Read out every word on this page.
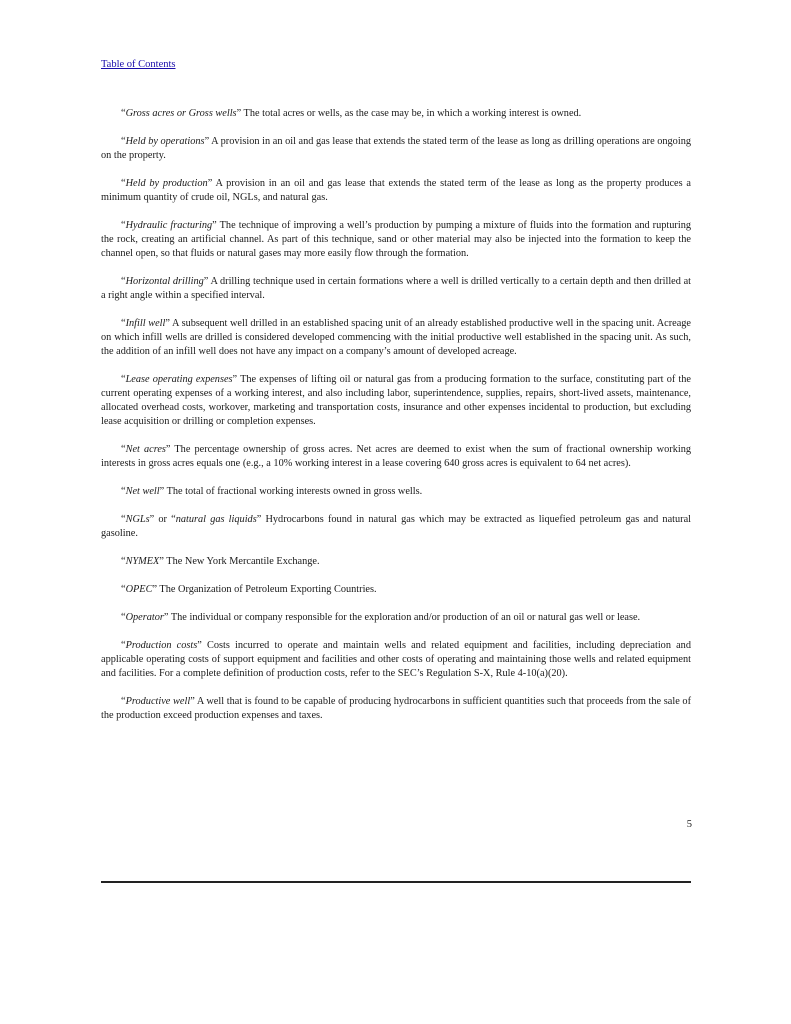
Table of Contents

“Gross acres or Gross wells” The total acres or wells, as the case may be, in which a working interest is owned.

“Held by operations” A provision in an oil and gas lease that extends the stated term of the lease as long as drilling operations are ongoing on the property.

“Held by production” A provision in an oil and gas lease that extends the stated term of the lease as long as the property produces a minimum quantity of crude oil, NGLs, and natural gas.

“Hydraulic fracturing” The technique of improving a well’s production by pumping a mixture of fluids into the formation and rupturing the rock, creating an artificial channel. As part of this technique, sand or other material may also be injected into the formation to keep the channel open, so that fluids or natural gases may more easily flow through the formation.

“Horizontal drilling” A drilling technique used in certain formations where a well is drilled vertically to a certain depth and then drilled at a right angle within a specified interval.

“Infill well” A subsequent well drilled in an established spacing unit of an already established productive well in the spacing unit. Acreage on which infill wells are drilled is considered developed commencing with the initial productive well established in the spacing unit. As such, the addition of an infill well does not have any impact on a company’s amount of developed acreage.

“Lease operating expenses” The expenses of lifting oil or natural gas from a producing formation to the surface, constituting part of the current operating expenses of a working interest, and also including labor, superintendence, supplies, repairs, short-lived assets, maintenance, allocated overhead costs, workover, marketing and transportation costs, insurance and other expenses incidental to production, but excluding lease acquisition or drilling or completion expenses.

“Net acres” The percentage ownership of gross acres. Net acres are deemed to exist when the sum of fractional ownership working interests in gross acres equals one (e.g., a 10% working interest in a lease covering 640 gross acres is equivalent to 64 net acres).

“Net well” The total of fractional working interests owned in gross wells.

“NGLs” or “natural gas liquids” Hydrocarbons found in natural gas which may be extracted as liquefied petroleum gas and natural gasoline.

“NYMEX” The New York Mercantile Exchange.

“OPEC” The Organization of Petroleum Exporting Countries.

“Operator” The individual or company responsible for the exploration and/or production of an oil or natural gas well or lease.

“Production costs” Costs incurred to operate and maintain wells and related equipment and facilities, including depreciation and applicable operating costs of support equipment and facilities and other costs of operating and maintaining those wells and related equipment and facilities. For a complete definition of production costs, refer to the SEC’s Regulation S-X, Rule 4-10(a)(20).

“Productive well” A well that is found to be capable of producing hydrocarbons in sufficient quantities such that proceeds from the sale of the production exceed production expenses and taxes.

5
